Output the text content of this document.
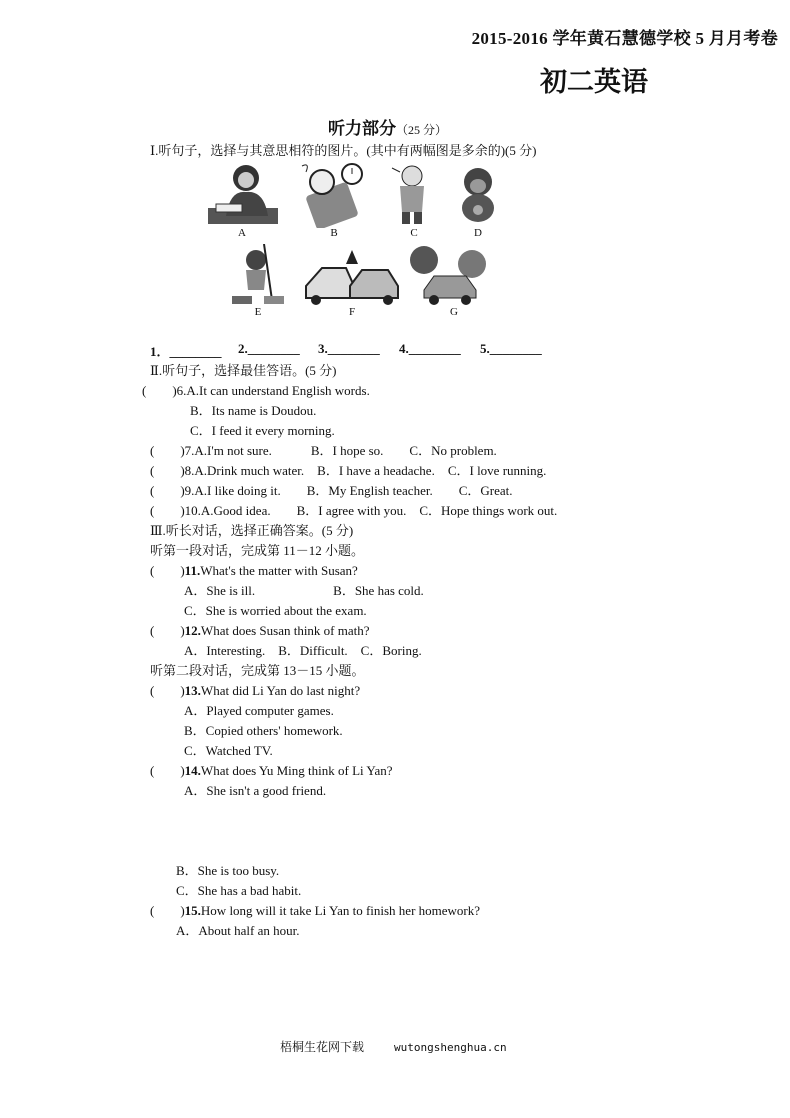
2015-2016 学年黄石慧德学校 5 月月考卷
初二英语
听力部分（25 分）
Ⅰ.听句子，选择与其意思相符的图片。(其中有两幅图是多余的)(5 分)
A	B	C	D
E	F	G
1．________ 2.________ 3.________ 4.________ 5.________
Ⅱ.听句子，选择最佳答语。(5 分)
(　　)6.A.It can understand English words.
B．Its name is Doudou.
C．I feed it every morning.
(　　)7.A.I'm not sure.　　　B．I hope so.　　C．No problem.
(　　)8.A.Drink much water.　B．I have a headache.　C．I love running.
(　　)9.A.I like doing it.　　B．My English teacher.　　C．Great.
(　　)10.A.Good idea.　　B．I agree with you.　C．Hope things work out.
Ⅲ.听长对话，选择正确答案。(5 分)
听第一段对话，完成第 11－12 小题。
(　　)11.What's the matter with Susan?
A．She is ill.　　　　　　B．She has cold.
C．She is worried about the exam.
(　　)12.What does Susan think of math?
A．Interesting.　B．Difficult.　C．Boring.
听第二段对话，完成第 13－15 小题。
(　　)13.What did Li Yan do last night?
A．Played computer games.
B．Copied others' homework.
C．Watched TV.
(　　)14.What does Yu Ming think of Li Yan?
A．She isn't a good friend.
B．She is too busy.
C．She has a bad habit.
(　　)15.How long will it take Li Yan to finish her homework?
A．About half an hour.
梧桐生花网下载	wutongshenghua.cn
